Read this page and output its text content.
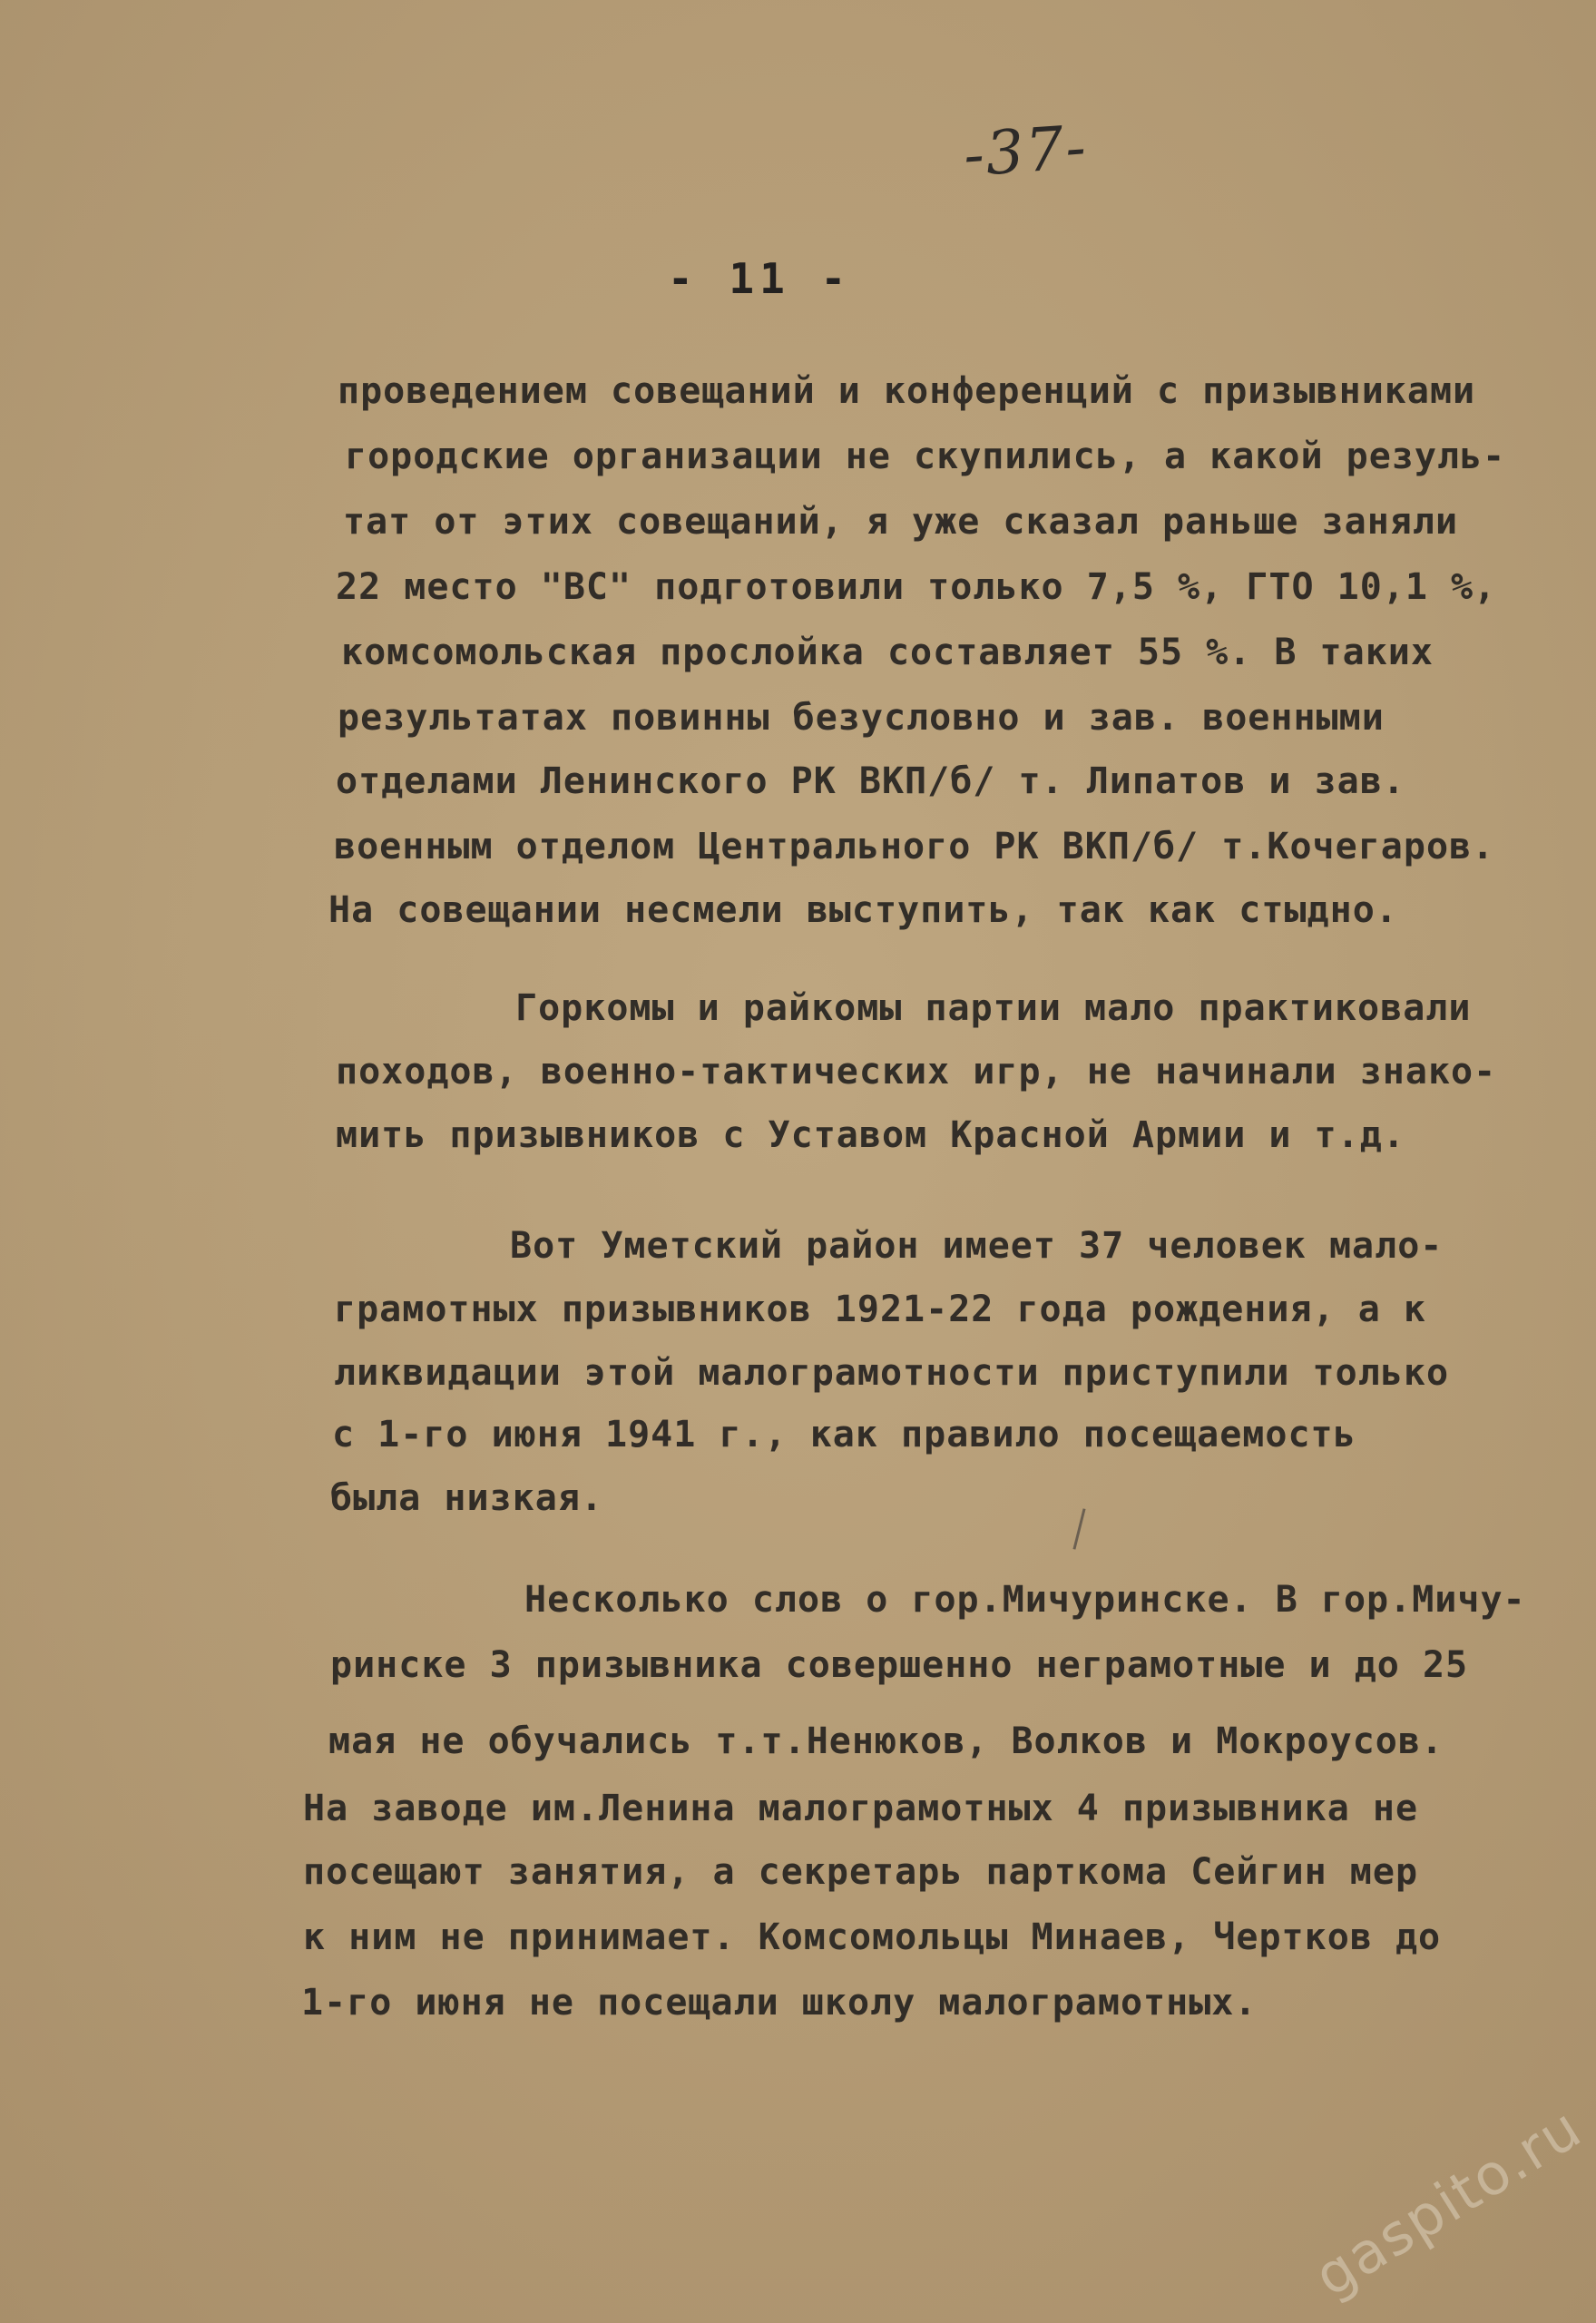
-37-
- 11 -
проведением совещаний и конференций с призывниками
городские организации не скупились, а какой резуль-
тат от этих совещаний, я уже сказал раньше заняли
22 место "ВС" подготовили только 7,5 %, ГТО 10,1 %,
комсомольская прослойка составляет 55 %. В таких
результатах повинны безусловно и зав. военными
отделами Ленинского РК ВКП/б/ т. Липатов и зав.
военным отделом Центрального РК ВКП/б/ т.Кочегаров.
На совещании несмели выступить, так как стыдно.
Горкомы и райкомы партии мало практиковали
походов, военно-тактических игр, не начинали знако-
мить призывников с Уставом Красной Армии и т.д.
Вот Уметский район имеет 37 человек мало-
грамотных призывников 1921-22 года рождения, а к
ликвидации этой малограмотности приступили только
с 1-го июня 1941 г., как правило посещаемость
была низкая.
Несколько слов о гор.Мичуринске. В гор.Мичу-
ринске 3 призывника совершенно неграмотные и до 25
мая не обучались т.т.Ненюков, Волков и Мокроусов.
На заводе им.Ленина малограмотных 4 призывника не
посещают занятия, а секретарь парткома Сейгин мер
к ним не принимает. Комсомольцы Минаев, Чертков до
1-го июня не посещали школу малограмотных.
gaspito.ru
